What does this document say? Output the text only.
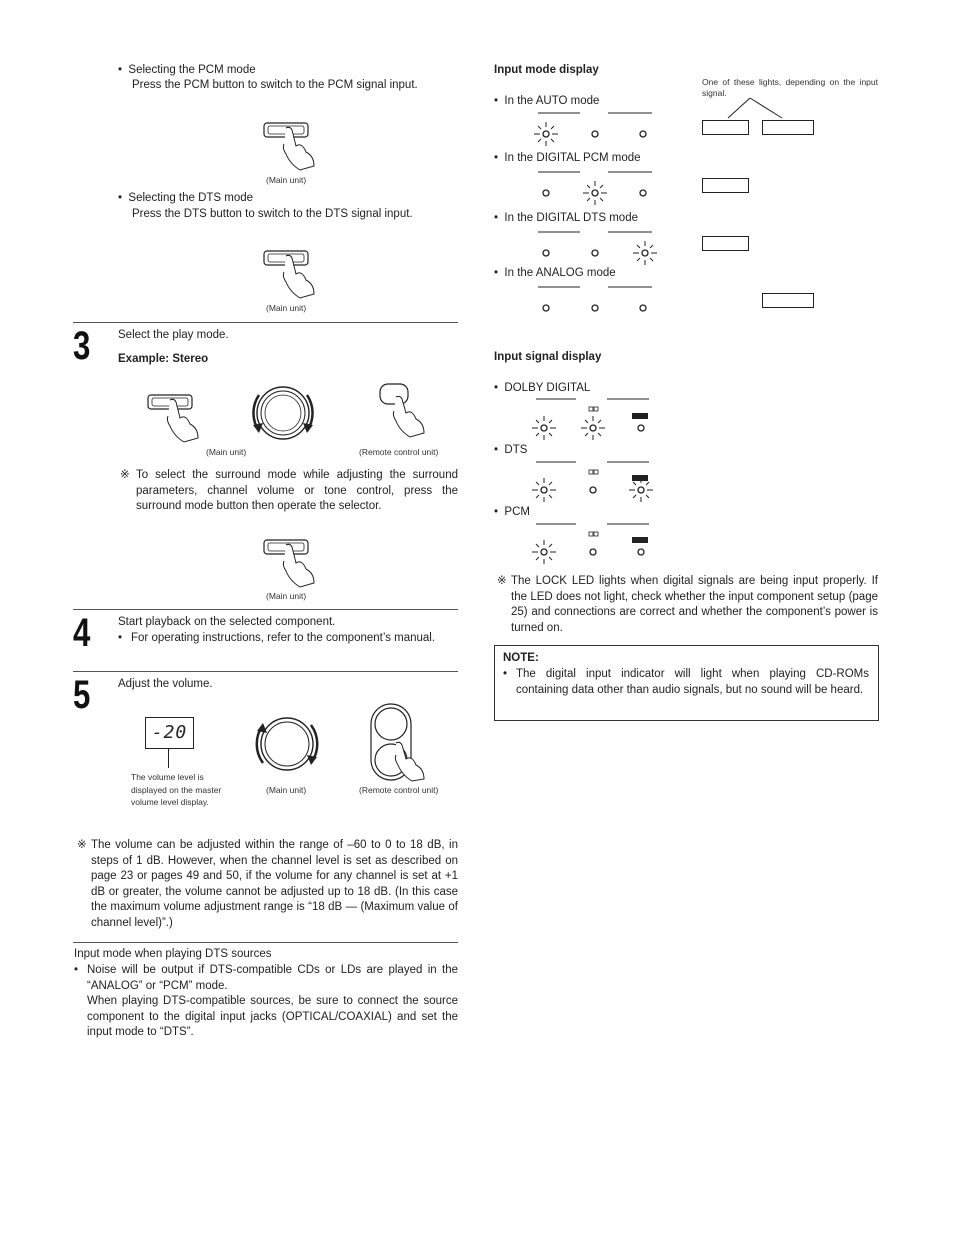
•  Selecting the PCM mode
Press the PCM button to switch to the PCM signal input.
(Main unit)
•  Selecting the DTS mode
Press the DTS button to switch to the DTS signal input.
(Main unit)
3 Select the play mode.
Example: Stereo
(Main unit)	(Remote control unit)
※ To select the surround mode while adjusting the surround parameters, channel volume or tone control, press the surround mode button then operate the selector.
(Main unit)
4 Start playback on the selected component.
• For operating instructions, refer to the component’s manual.
5 Adjust the volume.
-20
The volume level is displayed on the master volume level display.
(Main unit)	(Remote control unit)
※ The volume can be adjusted within the range of –60 to 0 to 18 dB, in steps of 1 dB. However, when the channel level is set as described on page 23 or pages 49 and 50, if the volume for any channel is set at +1 dB or greater, the volume cannot be adjusted up to 18 dB. (In this case the maximum volume adjustment range is “18 dB — (Maximum value of channel level)”.)
Input mode when playing DTS sources
• Noise will be output if DTS-compatible CDs or LDs are played in the “ANALOG” or “PCM” mode.
When playing DTS-compatible sources, be sure to connect the source component to the digital input jacks (OPTICAL/COAXIAL) and set the input mode to “DTS”.
Input mode display
One of these lights, depending on the input signal.
•  In the AUTO mode
•  In the DIGITAL PCM mode
•  In the DIGITAL DTS mode
•  In the ANALOG mode
Input signal display
•  DOLBY DIGITAL
•  DTS
•  PCM
※ The LOCK LED lights when digital signals are being input properly. If the LED does not light, check whether the input component setup (page 25) and connections are correct and whether the component’s power is turned on.
NOTE:
• The digital input indicator will light when playing CD-ROMs containing data other than audio signals, but no sound will be heard.
